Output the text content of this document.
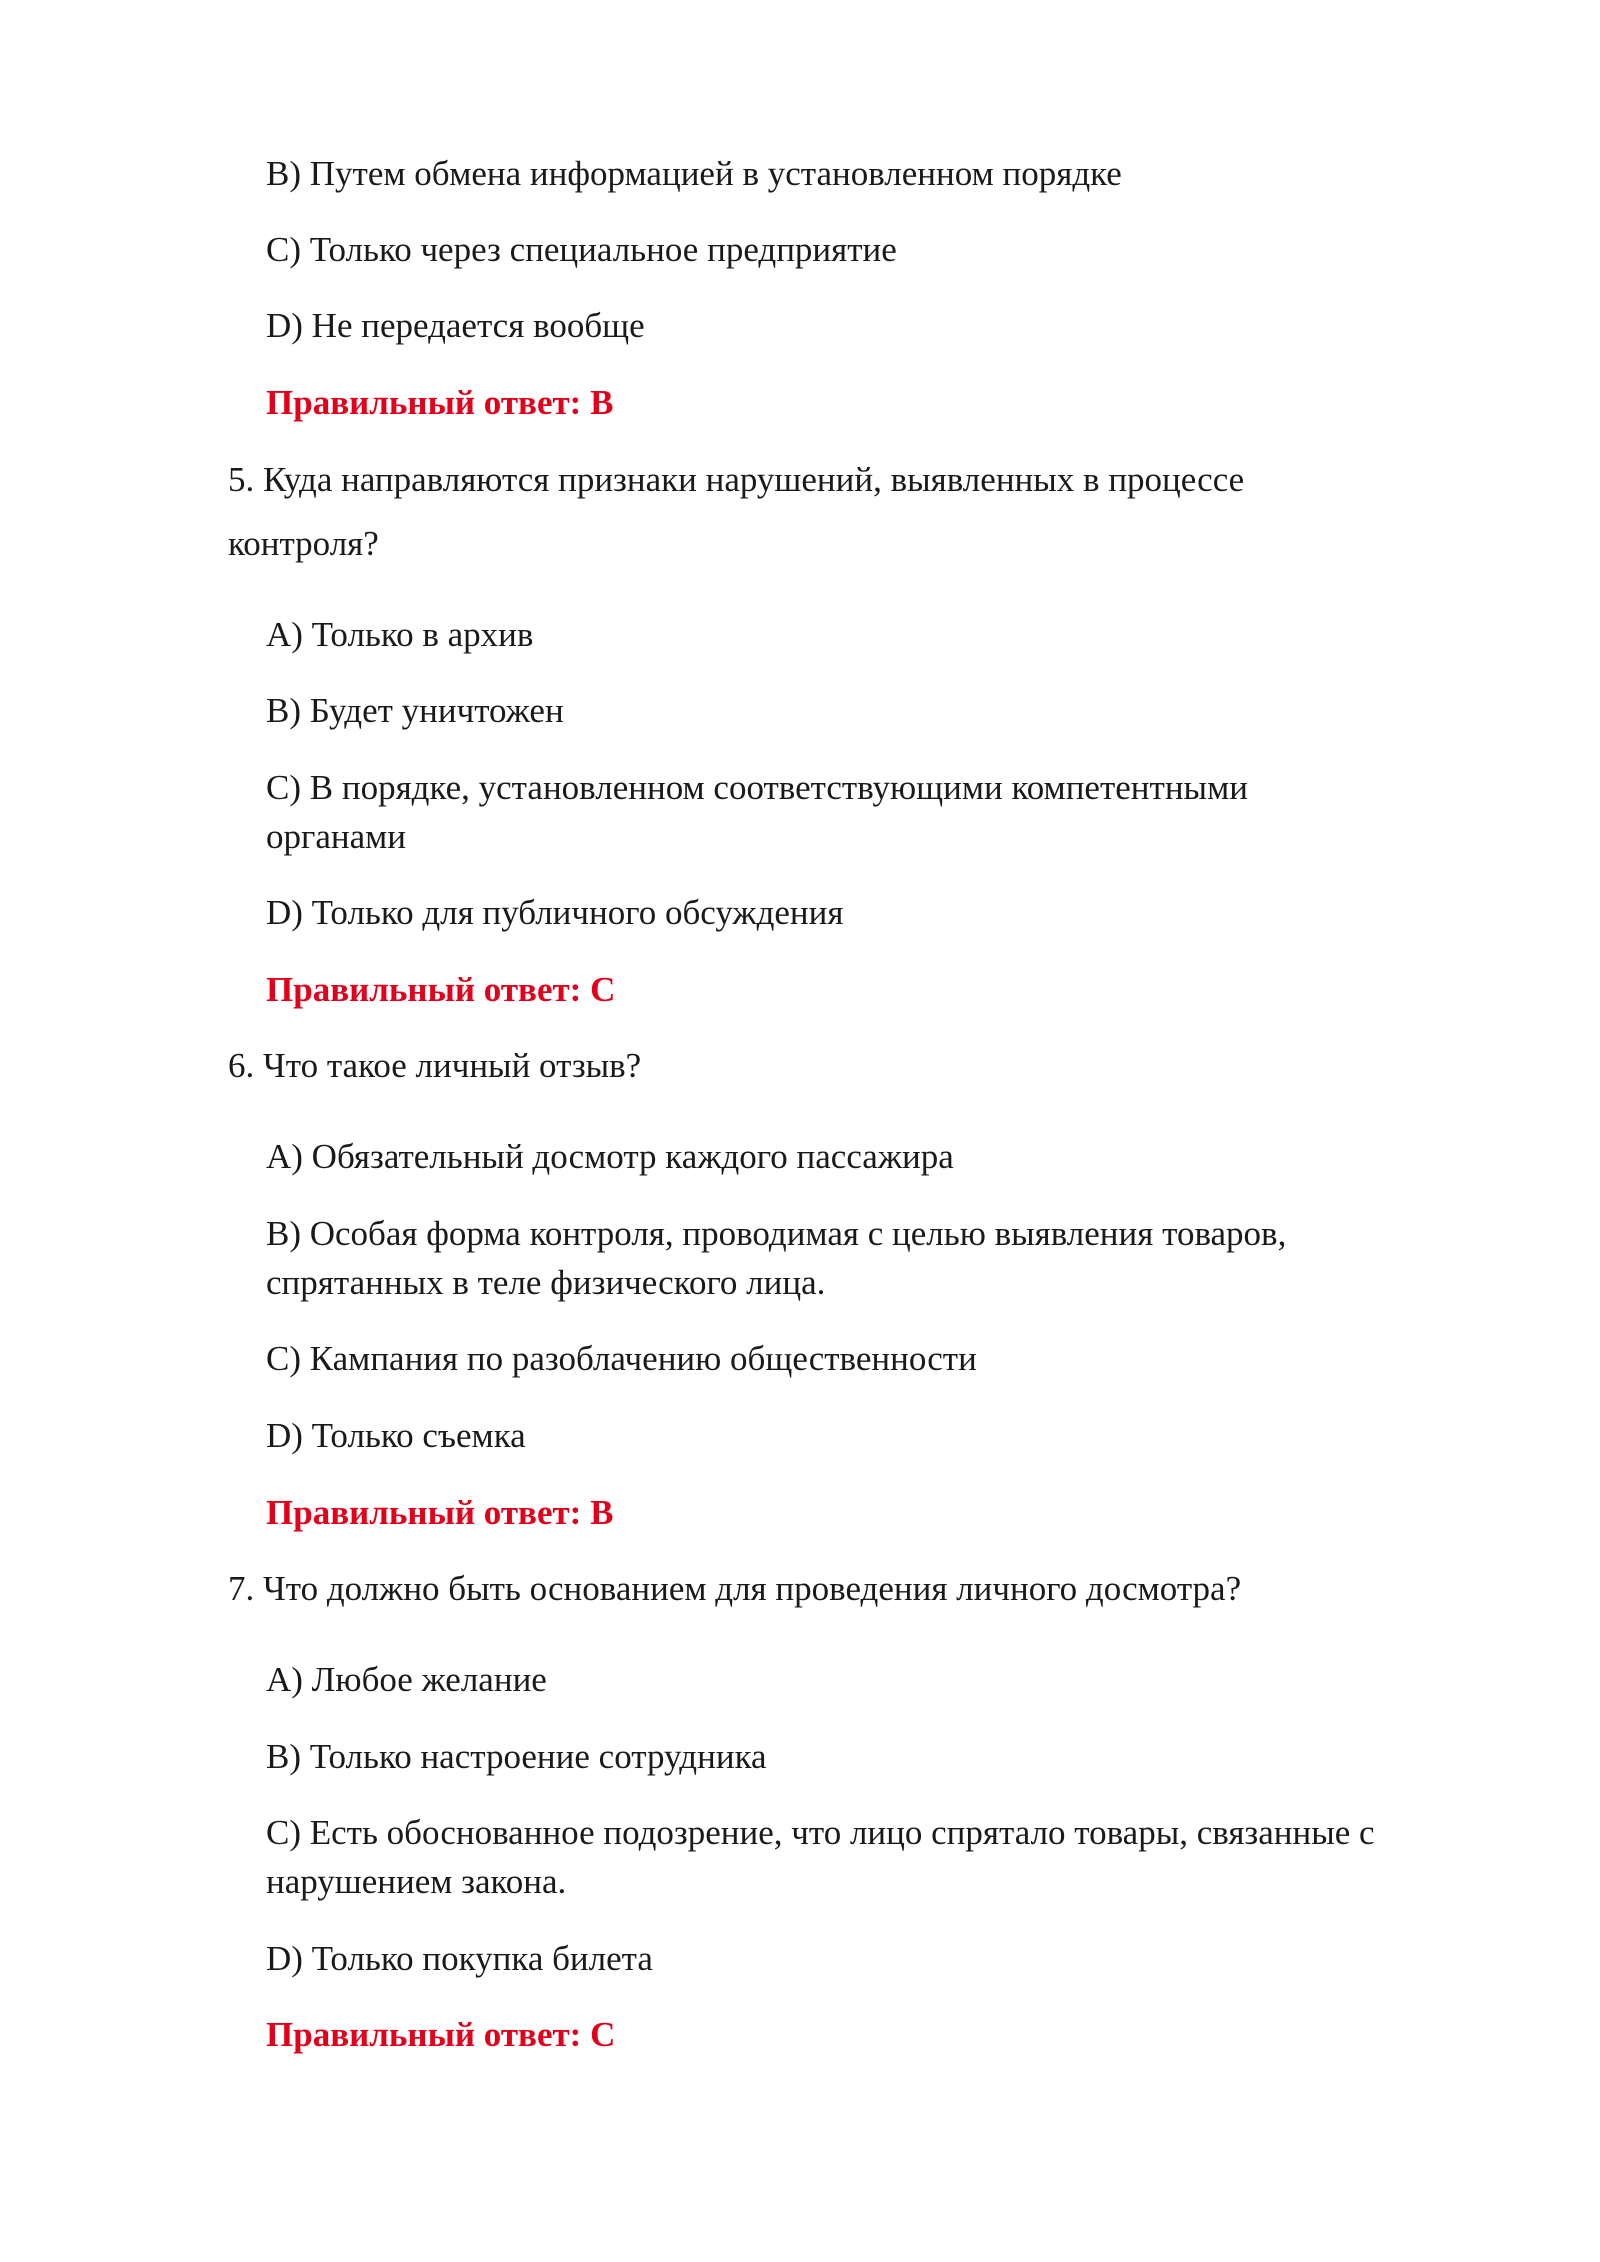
B) Путем обмена информацией в установленном порядке

C) Только через специальное предприятие

D) Не передается вообще

Правильный ответ: B

5. Куда направляются признаки нарушений, выявленных в процессе

контроля?

A) Только в архив

B) Будет уничтожен

C) В порядке, установленном соответствующими компетентными

органами

D) Только для публичного обсуждения

Правильный ответ: C

6. Что такое личный отзыв?

A) Обязательный досмотр каждого пассажира

B) Особая форма контроля, проводимая с целью выявления товаров,

спрятанных в теле физического лица.

C) Кампания по разоблачению общественности

D) Только съемка

Правильный ответ: B

7. Что должно быть основанием для проведения личного досмотра?

A) Любое желание

B) Только настроение сотрудника

C) Есть обоснованное подозрение, что лицо спрятало товары, связанные с

нарушением закона.

D) Только покупка билета

Правильный ответ: C
